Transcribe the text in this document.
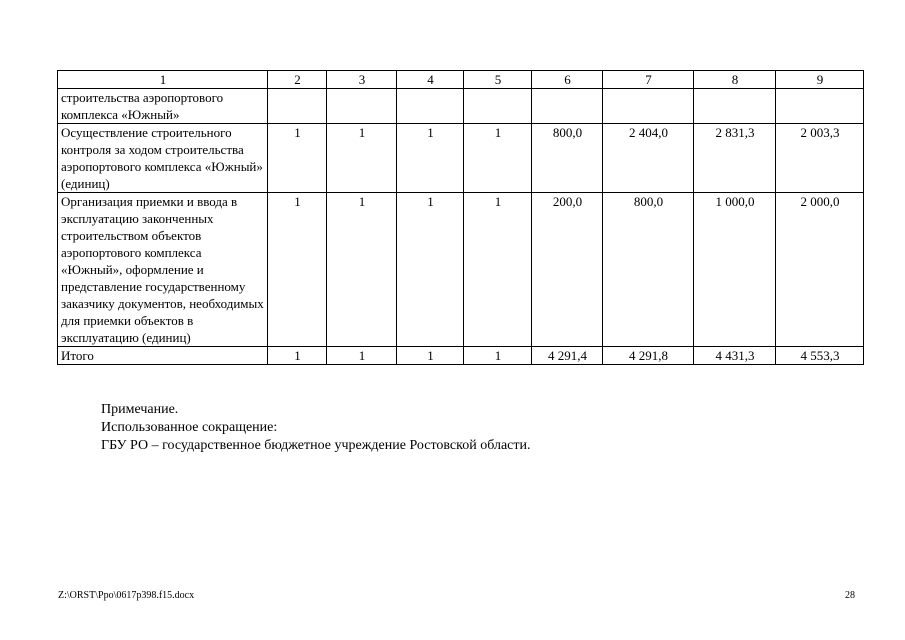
1	2	3	4	5	6	7	8	9
строительства аэропортового комплекса «Южный»								
Осуществление строительного контроля за ходом строительства аэропортового комплекса «Южный» (единиц)	1	1	1	1	800,0	2 404,0	2 831,3	2 003,3
Организация приемки и ввода в эксплуатацию законченных строительством объектов аэропортового комплекса «Южный», оформление и представление государственному заказчику документов, необходимых для приемки объектов в эксплуатацию (единиц)	1	1	1	1	200,0	800,0	1 000,0	2 000,0
Итого	1	1	1	1	4 291,4	4 291,8	4 431,3	4 553,3
Примечание.
Использованное сокращение:
ГБУ РО – государственное бюджетное учреждение Ростовской области.
Z:\ORST\Ppo\0617p398.f15.docx	28
